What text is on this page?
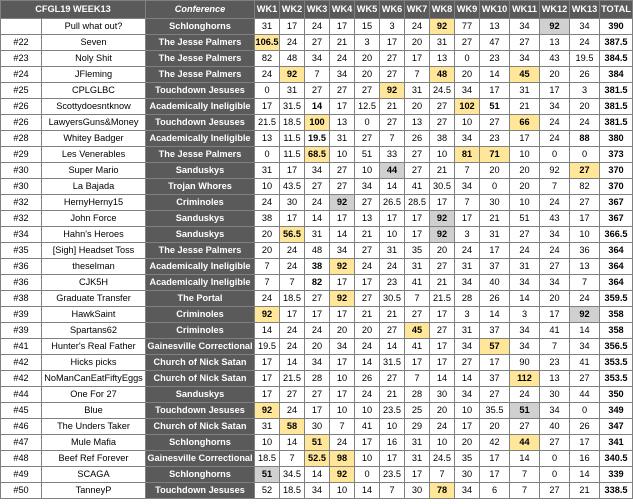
CFGL19 WEEK13		Conference	WK1	WK2	WK3	WK4	WK5	WK6	WK7	WK8	WK9	WK10	WK11	WK12	WK13	TOTAL
	Pull what out?	Schlonghorns	31	17	24	17	15	3	24	92	77	13	34	92	34	390
#22	Seven	The Jesse Palmers	106.5	24	27	21	3	17	20	31	27	47	27	13	24	387.5
#23	Noly Shit	The Jesse Palmers	82	48	34	24	20	27	17	13	0	23	34	43	19.5	384.5
#24	JFleming	The Jesse Palmers	24	92	7	34	20	27	7	48	20	14	45	20	26	384
#25	CPLGLBC	Touchdown Jesuses	0	31	27	27	27	92	31	24.5	34	17	31	17	3	381.5
#26	Scottydoesntknow	Academically Ineligible	17	31.5	14	17	12.5	21	20	27	102	51	21	34	20	381.5
#26	LawyersGuns&Money	Touchdown Jesuses	21.5	18.5	100	13	0	27	13	27	10	27	66	24	24	381.5
#28	Whitey Badger	Academically Ineligible	13	11.5	19.5	31	27	7	26	38	34	23	17	24	88	380
#29	Les Venerables	The Jesse Palmers	0	11.5	68.5	10	51	33	27	10	81	71	10	0	0	373
#30	Super Mario	Sanduskys	31	17	34	27	10	44	27	21	7	20	20	92	27	370
#30	La Bajada	Trojan Whores	10	43.5	27	27	34	14	41	30.5	34	0	20	7	82	370
#32	HernyHerny15	Criminoles	24	30	24	92	27	26.5	28.5	17	7	30	10	24	27	367
#32	John Force	Sanduskys	38	17	14	17	13	17	17	92	17	21	51	43	17	367
#34	Hahn's Heroes	Sanduskys	20	56.5	31	14	21	10	17	92	3	31	27	34	10	366.5
#35	[Sigh] Headset Toss	The Jesse Palmers	20	24	48	34	27	31	35	20	24	17	24	24	36	364
#36	theselman	Academically Ineligible	7	24	38	92	24	24	31	27	31	37	31	27	13	364
#36	CJK5H	Academically Ineligible	7	7	82	17	17	23	41	21	34	40	34	34	7	364
#38	Graduate Transfer	The Portal	24	18.5	27	92	27	30.5	7	21.5	28	26	14	20	24	359.5
#39	HawkSaint	Criminoles	92	17	17	17	21	21	27	17	3	14	3	17	92	358
#39	Spartans62	Criminoles	14	24	24	20	20	27	45	27	31	37	34	41	14	358
#41	Hunter's Real Father	Gainesville Correctional	19.5	24	20	34	24	14	41	17	34	57	34	7	34	356.5
#42	Hicks picks	Church of Nick Satan	17	14	34	17	14	31.5	17	17	27	17	90	23	41	353.5
#42	NoManCanEatFiftyEggs	Church of Nick Satan	17	21.5	28	10	26	27	7	14	14	37	112	13	27	353.5
#44	One For 27	Sanduskys	17	27	27	17	24	21	28	30	34	27	24	30	44	350
#45	Blue	Touchdown Jesuses	92	24	17	10	10	23.5	25	20	10	35.5	51	34	0	349
#46	The Unders Taker	Church of Nick Satan	31	58	30	7	41	10	29	24	17	20	27	40	26	347
#47	Mule Mafia	Schlonghorns	10	14	51	24	17	16	31	10	20	42	44	27	17	341
#48	Beef Ref Forever	Gainesville Correctional	18.5	7	52.5	98	10	17	31	24.5	35	17	14	0	16	340.5
#49	SCAGA	Schlonghorns	51	34.5	14	92	0	23.5	17	7	30	17	7	0	14	339
#50	TanneyP	Touchdown Jesuses	52	18.5	34	10	14	7	30	78	34	6	7	27	21	338.5
